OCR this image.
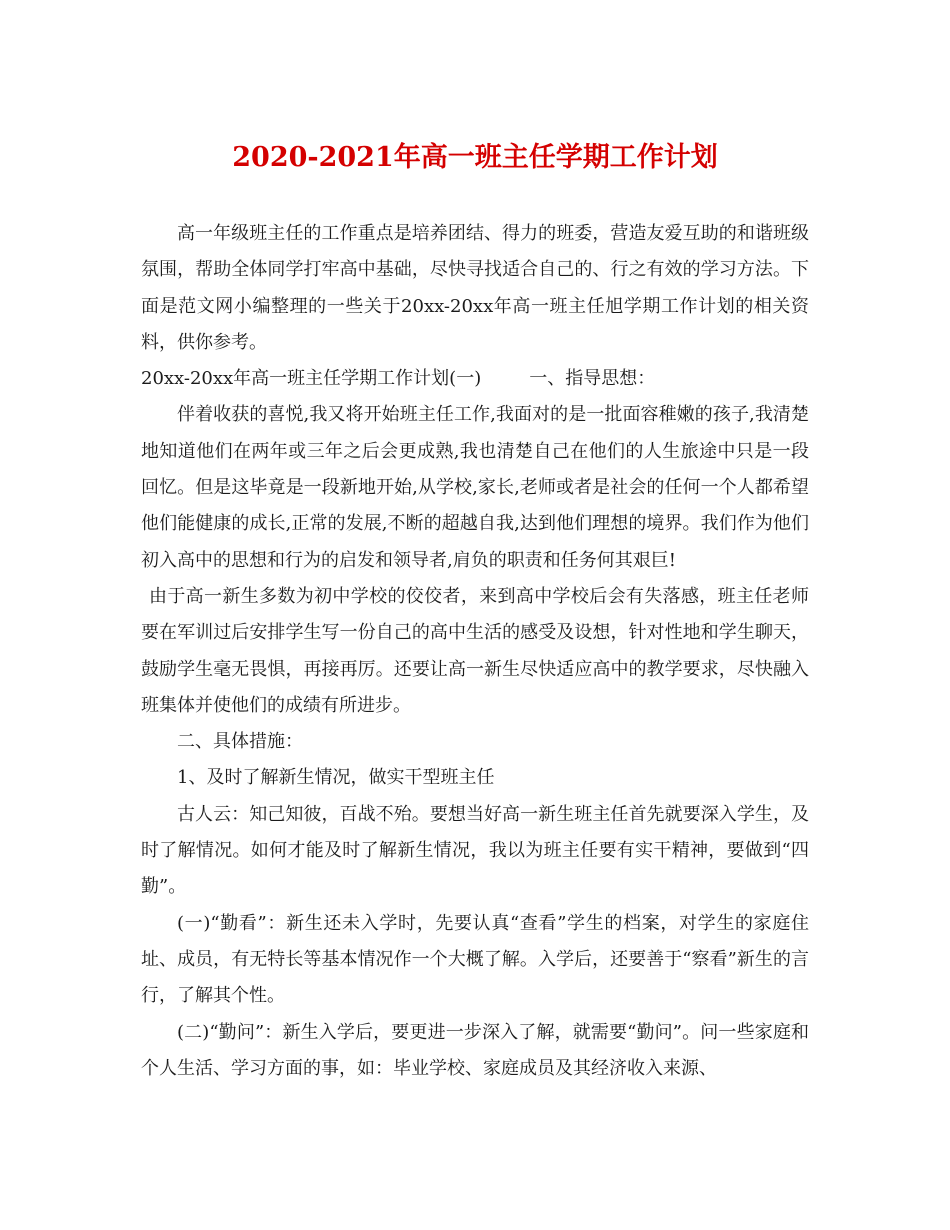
2020-2021年高一班主任学期工作计划

高一年级班主任的工作重点是培养团结、得力的班委，营造友爱互助的和谐班级氛围，帮助全体同学打牢高中基础，尽快寻找适合自己的、行之有效的学习方法。下面是范文网小编整理的一些关于20xx-20xx年高一班主任旭学期工作计划的相关资料，供你参考。

20xx-20xx年高一班主任学期工作计划(一)	一、指导思想：

伴着收获的喜悦,我又将开始班主任工作,我面对的是一批面容稚嫩的孩子,我清楚地知道他们在两年或三年之后会更成熟,我也清楚自己在他们的人生旅途中只是一段回忆。但是这毕竟是一段新地开始,从学校,家长,老师或者是社会的任何一个人都希望他们能健康的成长,正常的发展,不断的超越自我,达到他们理想的境界。我们作为他们初入高中的思想和行为的启发和领导者,肩负的职责和任务何其艰巨!

由于高一新生多数为初中学校的佼佼者，来到高中学校后会有失落感，班主任老师要在军训过后安排学生写一份自己的高中生活的感受及设想，针对性地和学生聊天，鼓励学生毫无畏惧，再接再厉。还要让高一新生尽快适应高中的教学要求，尽快融入班集体并使他们的成绩有所进步。

二、具体措施：

1、及时了解新生情况，做实干型班主任

古人云：知己知彼，百战不殆。要想当好高一新生班主任首先就要深入学生，及时了解情况。如何才能及时了解新生情况，我以为班主任要有实干精神，要做到“四勤”。

(一)“勤看”：新生还未入学时，先要认真“查看”学生的档案，对学生的家庭住址、成员，有无特长等基本情况作一个大概了解。入学后，还要善于“察看”新生的言行，了解其个性。

(二)“勤问”：新生入学后，要更进一步深入了解，就需要“勤问”。问一些家庭和个人生活、学习方面的事，如：毕业学校、家庭成员及其经济收入来源、
